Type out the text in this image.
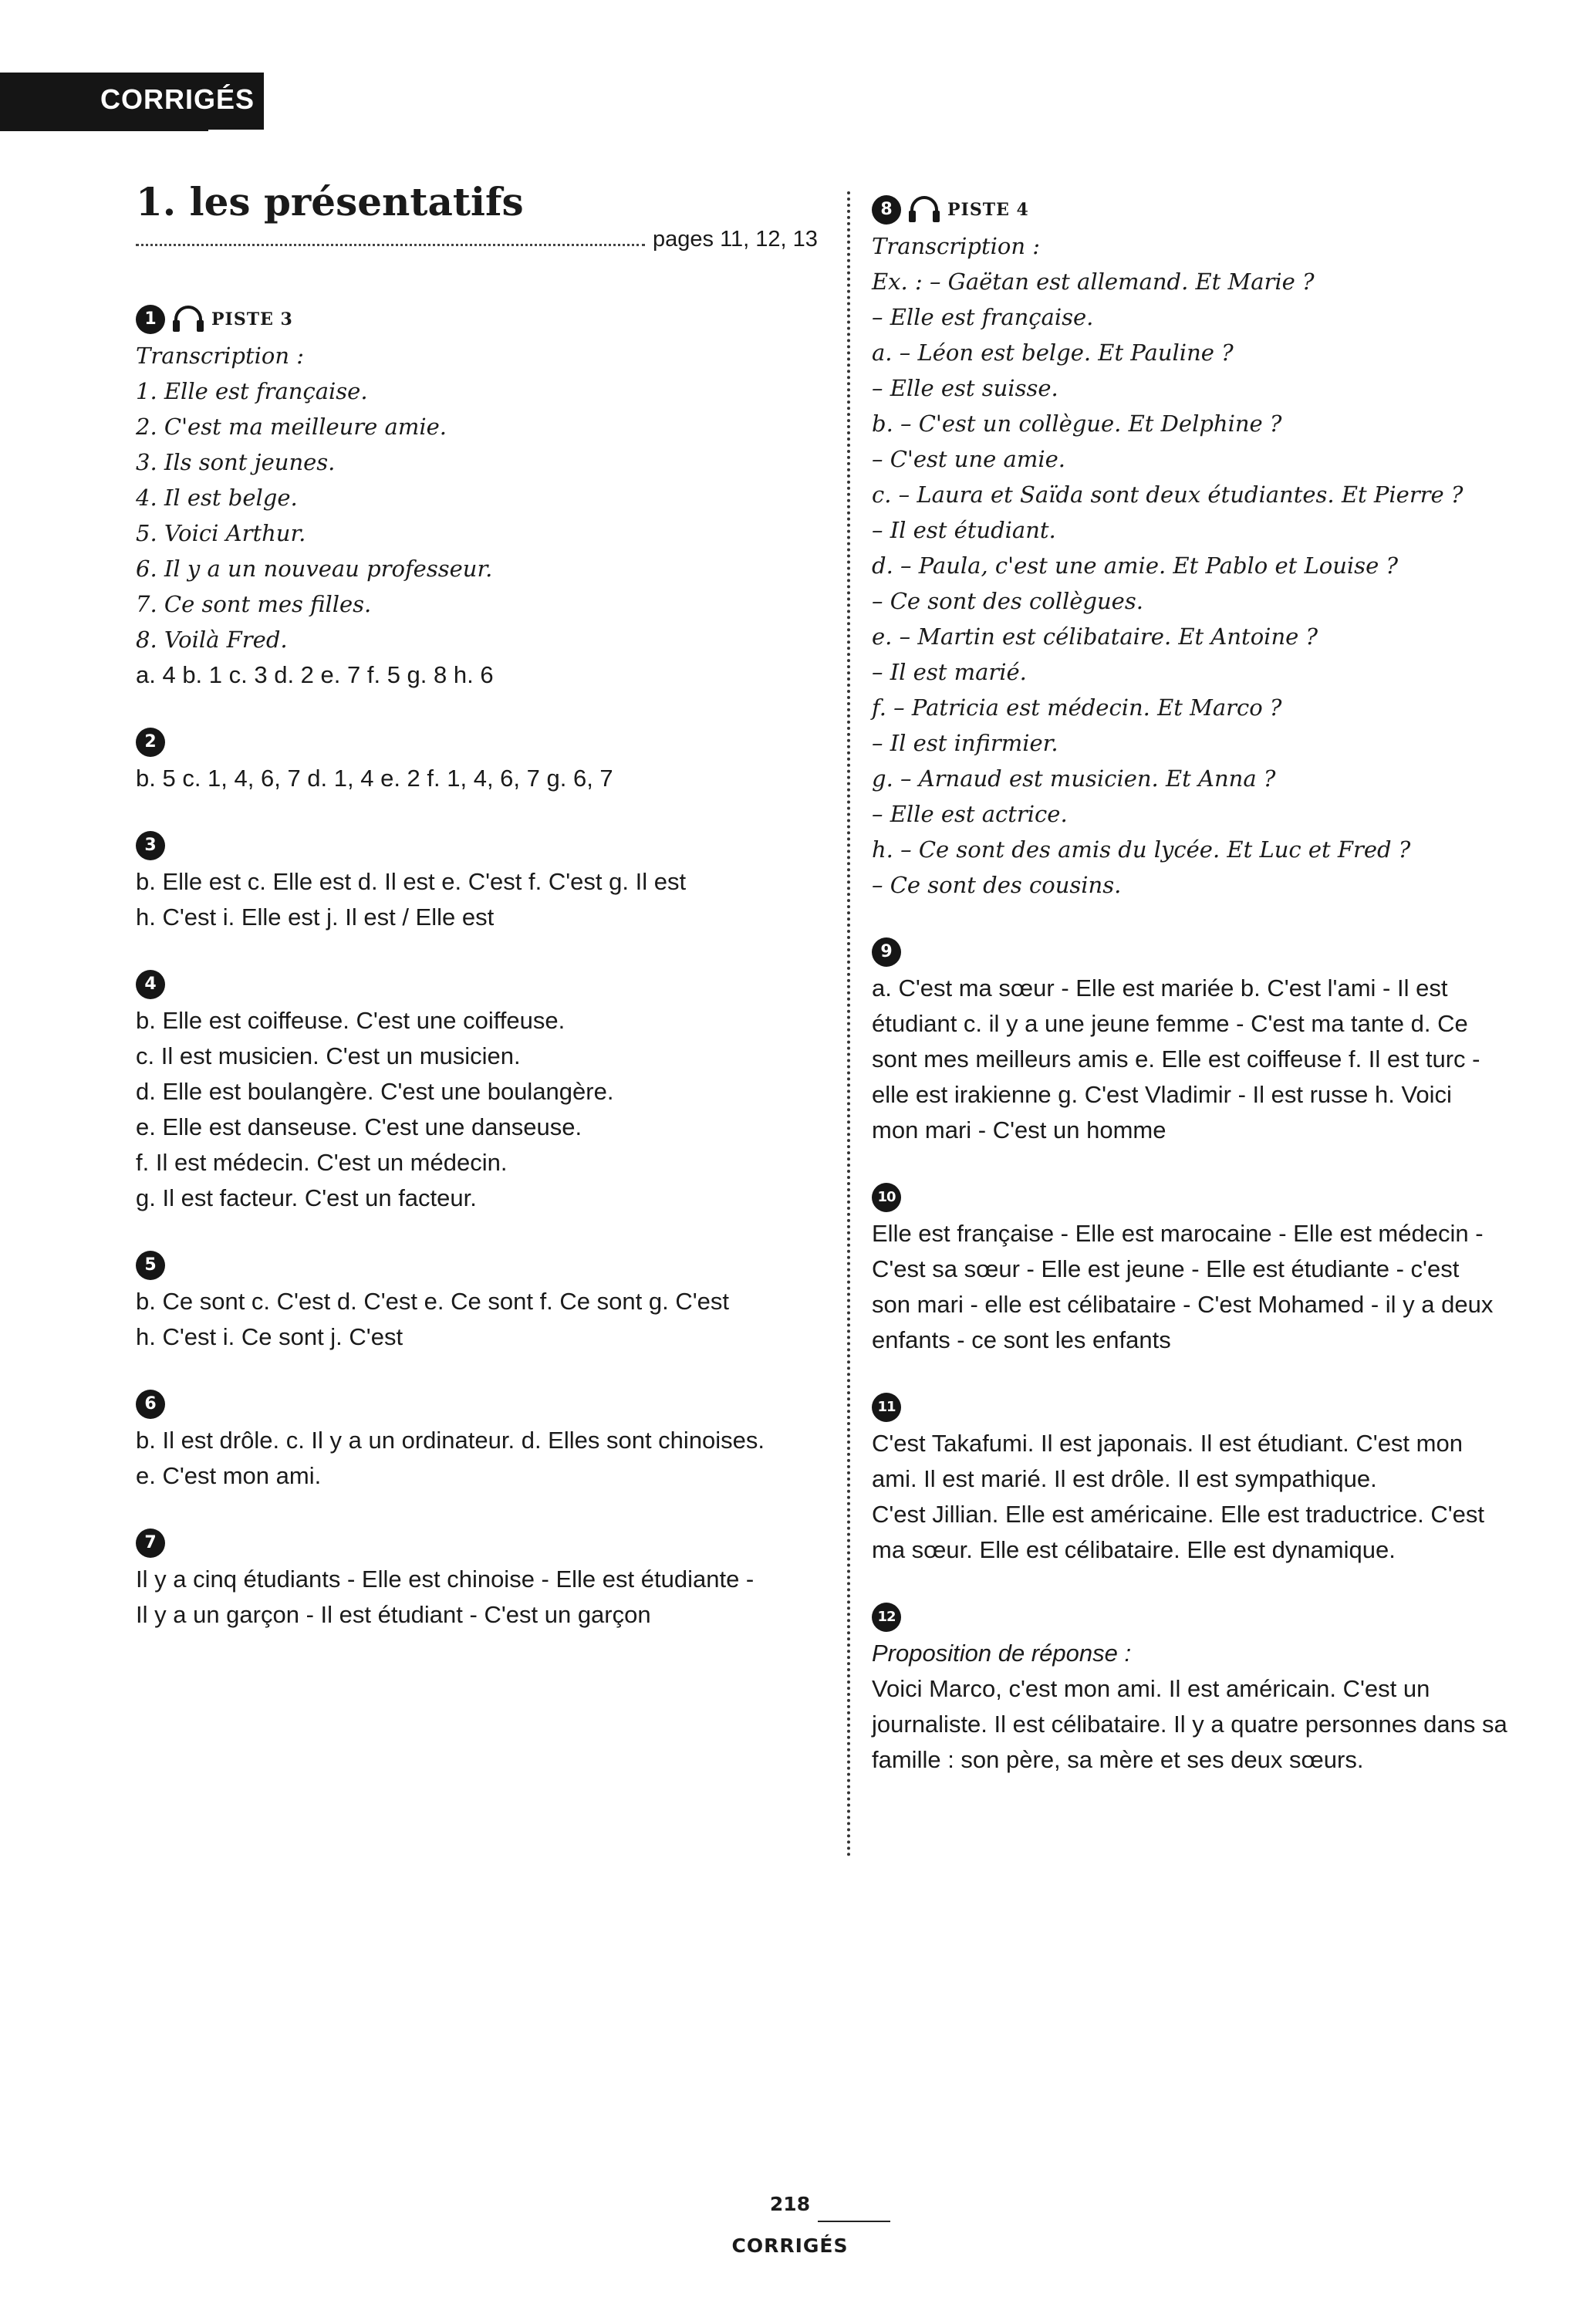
CORRIGÉS
1. les présentatifs
pages 11, 12, 13
1	PISTE 3
Transcription :
1. Elle est française.
2. C'est ma meilleure amie.
3. Ils sont jeunes.
4. Il est belge.
5. Voici Arthur.
6. Il y a un nouveau professeur.
7. Ce sont mes filles.
8. Voilà Fred.
a. 4 b. 1 c. 3 d. 2 e. 7 f. 5 g. 8 h. 6
2
b. 5 c. 1, 4, 6, 7 d. 1, 4 e. 2 f. 1, 4, 6, 7 g. 6, 7
3
b. Elle est c. Elle est d. Il est e. C'est f. C'est g. Il est
h. C'est i. Elle est j. Il est / Elle est
4
b. Elle est coiffeuse. C'est une coiffeuse.
c. Il est musicien. C'est un musicien.
d. Elle est boulangère. C'est une boulangère.
e. Elle est danseuse. C'est une danseuse.
f. Il est médecin. C'est un médecin.
g. Il est facteur. C'est un facteur.
5
b. Ce sont c. C'est d. C'est e. Ce sont f. Ce sont g. C'est
h. C'est i. Ce sont j. C'est
6
b. Il est drôle. c. Il y a un ordinateur. d. Elles sont chinoises.
e. C'est mon ami.
7
Il y a cinq étudiants - Elle est chinoise - Elle est étudiante -
Il y a un garçon - Il est étudiant - C'est un garçon
8	PISTE 4
Transcription :
Ex. : – Gaëtan est allemand. Et Marie ?
– Elle est française.
a. – Léon est belge. Et Pauline ?
– Elle est suisse.
b. – C'est un collègue. Et Delphine ?
– C'est une amie.
c. – Laura et Saïda sont deux étudiantes. Et Pierre ?
– Il est étudiant.
d. – Paula, c'est une amie. Et Pablo et Louise ?
– Ce sont des collègues.
e. – Martin est célibataire. Et Antoine ?
– Il est marié.
f. – Patricia est médecin. Et Marco ?
– Il est infirmier.
g. – Arnaud est musicien. Et Anna ?
– Elle est actrice.
h. – Ce sont des amis du lycée. Et Luc et Fred ?
– Ce sont des cousins.
9
a. C'est ma sœur - Elle est mariée b. C'est l'ami - Il est
étudiant c. il y a une jeune femme - C'est ma tante d. Ce
sont mes meilleurs amis e. Elle est coiffeuse f. Il est turc -
elle est irakienne g. C'est Vladimir - Il est russe h. Voici
mon mari - C'est un homme
10
Elle est française - Elle est marocaine - Elle est médecin -
C'est sa sœur - Elle est jeune - Elle est étudiante - c'est
son mari - elle est célibataire - C'est Mohamed - il y a deux
enfants - ce sont les enfants
11
C'est Takafumi. Il est japonais. Il est étudiant. C'est mon
ami. Il est marié. Il est drôle. Il est sympathique.
C'est Jillian. Elle est américaine. Elle est traductrice. C'est
ma sœur. Elle est célibataire. Elle est dynamique.
12
Proposition de réponse :
Voici Marco, c'est mon ami. Il est américain. C'est un
journaliste. Il est célibataire. Il y a quatre personnes dans sa
famille : son père, sa mère et ses deux sœurs.
218
CORRIGÉS
